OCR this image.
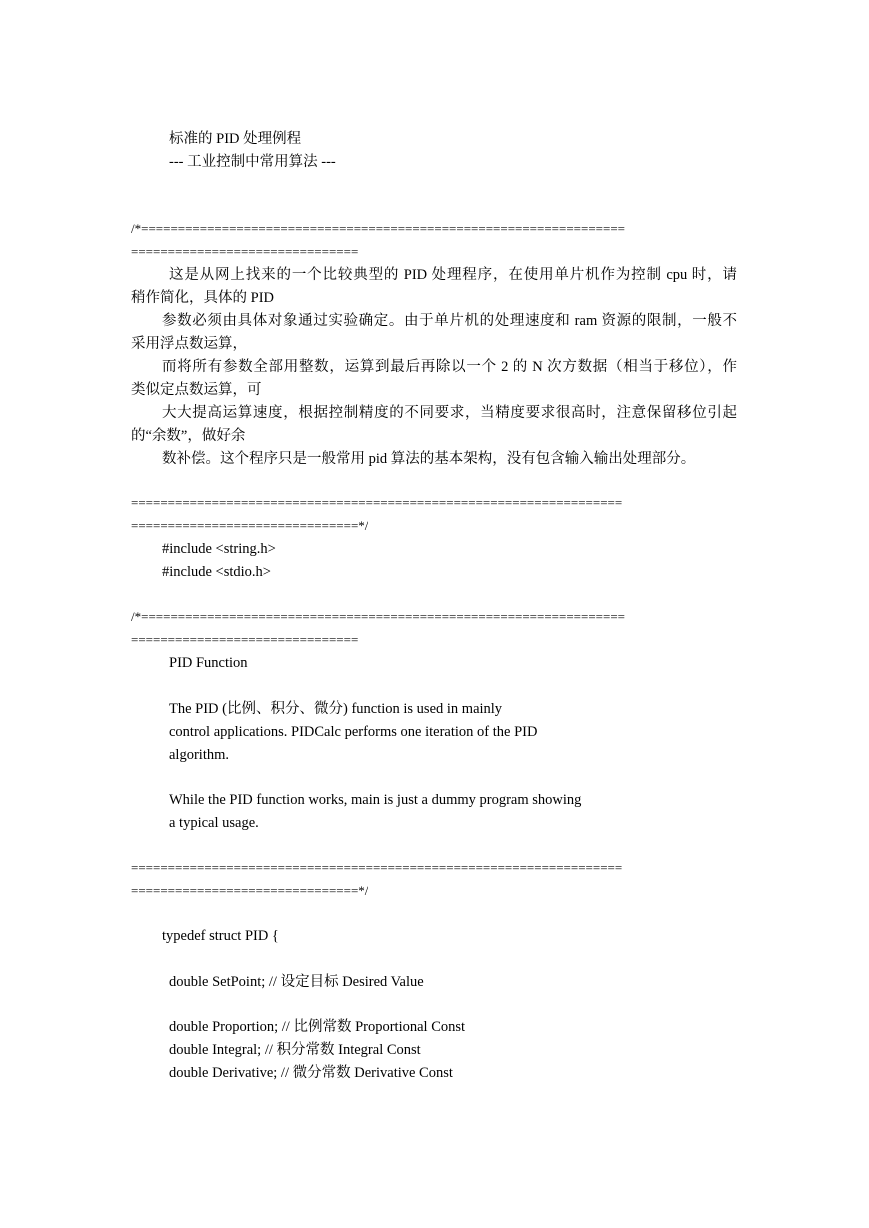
标准的 PID 处理例程
--- 工业控制中常用算法 ---
/*==================================================================
===============================
这是从网上找来的一个比较典型的 PID 处理程序，在使用单片机作为控制 cpu 时，请
稍作简化，具体的 PID
参数必须由具体对象通过实验确定。由于单片机的处理速度和 ram 资源的限制，一般不
采用浮点数运算，
而将所有参数全部用整数，运算到最后再除以一个 2 的 N 次方数据（相当于移位），作
类似定点数运算，可
大大提高运算速度，根据控制精度的不同要求，当精度要求很高时，注意保留移位引起
的“余数”，做好余
数补偿。这个程序只是一般常用 pid 算法的基本架构，没有包含输入输出处理部分。
===================================================================
===============================*/
#include <string.h>
#include <stdio.h>
/*==================================================================
===============================
PID Function
The PID (比例、积分、微分) function is used in mainly
control applications. PIDCalc performs one iteration of the PID
algorithm.
While the PID function works, main is just a dummy program showing
a typical usage.
===================================================================
===============================*/
typedef struct PID {
double SetPoint; // 设定目标 Desired Value
double Proportion; // 比例常数 Proportional Const
double Integral; // 积分常数 Integral Const
double Derivative; // 微分常数 Derivative Const
